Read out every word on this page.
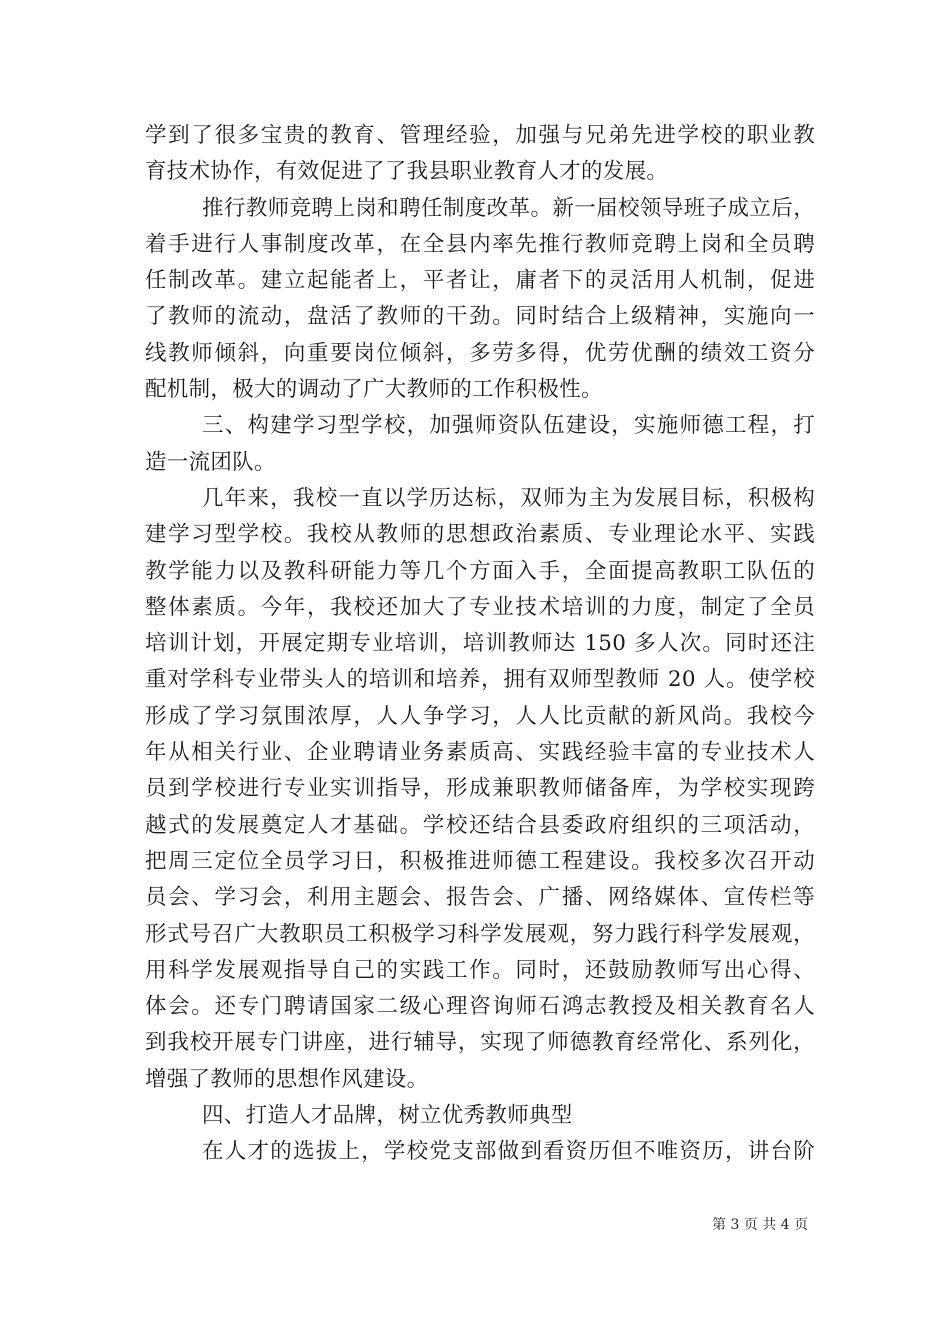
学到了很多宝贵的教育、管理经验，加强与兄弟先进学校的职业教
育技术协作，有效促进了了我县职业教育人才的发展。
推行教师竞聘上岗和聘任制度改革。新一届校领导班子成立后，
着手进行人事制度改革，在全县内率先推行教师竞聘上岗和全员聘
任制改革。建立起能者上，平者让，庸者下的灵活用人机制，促进
了教师的流动，盘活了教师的干劲。同时结合上级精神，实施向一
线教师倾斜，向重要岗位倾斜，多劳多得，优劳优酬的绩效工资分
配机制，极大的调动了广大教师的工作积极性。
三、构建学习型学校，加强师资队伍建设，实施师德工程，打
造一流团队。
几年来，我校一直以学历达标，双师为主为发展目标，积极构
建学习型学校。我校从教师的思想政治素质、专业理论水平、实践
教学能力以及教科研能力等几个方面入手，全面提高教职工队伍的
整体素质。今年，我校还加大了专业技术培训的力度，制定了全员
培训计划，开展定期专业培训，培训教师达 150 多人次。同时还注
重对学科专业带头人的培训和培养，拥有双师型教师 20 人。使学校
形成了学习氛围浓厚，人人争学习，人人比贡献的新风尚。我校今
年从相关行业、企业聘请业务素质高、实践经验丰富的专业技术人
员到学校进行专业实训指导，形成兼职教师储备库，为学校实现跨
越式的发展奠定人才基础。学校还结合县委政府组织的三项活动，
把周三定位全员学习日，积极推进师德工程建设。我校多次召开动
员会、学习会，利用主题会、报告会、广播、网络媒体、宣传栏等
形式号召广大教职员工积极学习科学发展观，努力践行科学发展观，
用科学发展观指导自己的实践工作。同时，还鼓励教师写出心得、
体会。还专门聘请国家二级心理咨询师石鸿志教授及相关教育名人
到我校开展专门讲座，进行辅导，实现了师德教育经常化、系列化，
增强了教师的思想作风建设。
四、打造人才品牌，树立优秀教师典型
在人才的选拔上，学校党支部做到看资历但不唯资历，讲台阶
第 3 页 共 4 页
